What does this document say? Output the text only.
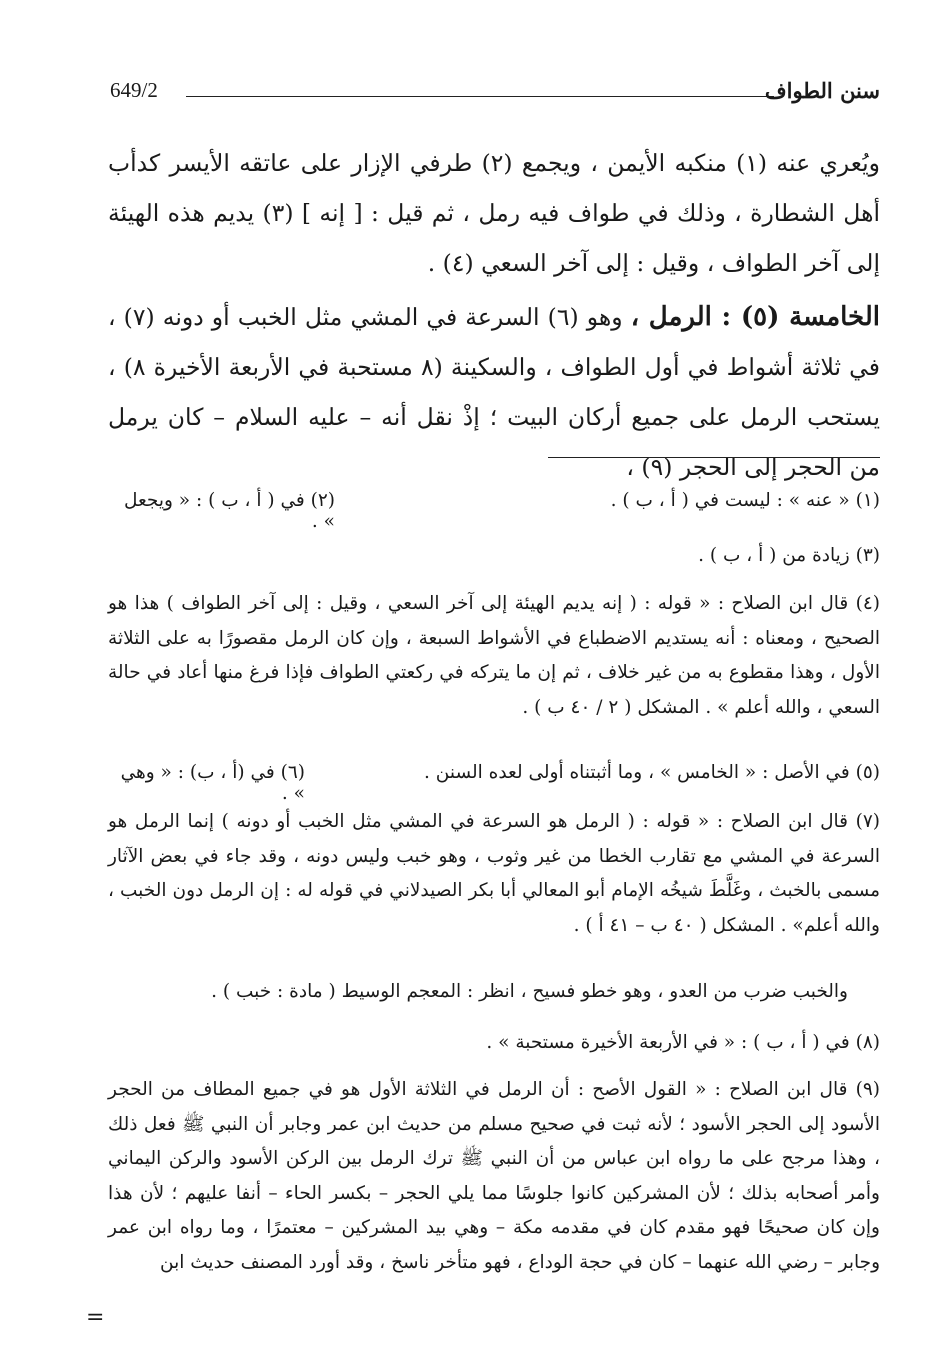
649/2	سنن الطواف

ويُعري عنه (١) منكبه الأيمن ، ويجمع (٢) طرفي الإزار على عاتقه الأيسر كدأب أهل الشطارة ، وذلك في طواف فيه رمل ، ثم قيل : [ إنه ] (٣) يديم هذه الهيئة إلى آخر الطواف ، وقيل : إلى آخر السعي (٤) .

الخامسة (٥) : الرمل ، وهو (٦) السرعة في المشي مثل الخبب أو دونه (٧) ، في ثلاثة أشواط في أول الطواف ، والسكينة (٨ مستحبة في الأربعة الأخيرة ٨) ، يستحب الرمل على جميع أركان البيت ؛ إذْ نقل أنه – عليه السلام – كان يرمل من الحجر إلى الحجر (٩) ،

(١) « عنه » : ليست في ( أ ، ب ) .
(٢) في ( أ ، ب ) : « ويجعل » .

(٣) زيادة من ( أ ، ب ) .

(٤) قال ابن الصلاح : « قوله : ( إنه يديم الهيئة إلى آخر السعي ، وقيل : إلى آخر الطواف ) هذا هو الصحيح ، ومعناه : أنه يستديم الاضطباع في الأشواط السبعة ، وإن كان الرمل مقصورًا به على الثلاثة الأول ، وهذا مقطوع به من غير خلاف ، ثم إن ما يتركه في ركعتي الطواف فإذا فرغ منها أعاد في حالة السعي ، والله أعلم » . المشكل ( ٢ / ٤٠ ب ) .

(٥) في الأصل : « الخامس » ، وما أثبتناه أولى لعده السنن .
(٦) في (أ ، ب) : « وهي » .

(٧) قال ابن الصلاح : « قوله : ( الرمل هو السرعة في المشي مثل الخبب أو دونه ) إنما الرمل هو السرعة في المشي مع تقارب الخطا من غير وثوب ، وهو خبب وليس دونه ، وقد جاء في بعض الآثار مسمى بالخبث ، وغَلَّطَ شيخُه الإمام أبو المعالي أبا بكر الصيدلاني في قوله له : إن الرمل دون الخبب ، والله أعلم» . المشكل ( ٤٠ ب – ٤١ أ ) .

والخبب ضرب من العدو ، وهو خطو فسيح ، انظر : المعجم الوسيط ( مادة : خبب ) .

(٨) في ( أ ، ب ) : « في الأربعة الأخيرة مستحبة » .

(٩) قال ابن الصلاح : « القول الأصح : أن الرمل في الثلاثة الأول هو في جميع المطاف من الحجر الأسود إلى الحجر الأسود ؛ لأنه ثبت في صحيح مسلم من حديث ابن عمر وجابر أن النبي ﷺ فعل ذلك ، وهذا مرجح على ما رواه ابن عباس من أن النبي ﷺ ترك الرمل بين الركن الأسود والركن اليماني وأمر أصحابه بذلك ؛ لأن المشركين كانوا جلوسًا مما يلي الحجر – بكسر الحاء – أنفا عليهم ؛ لأن هذا وإن كان صحيحًا فهو مقدم كان في مقدمه مكة – وهي بيد المشركين – معتمرًا ، وما رواه ابن عمر وجابر – رضي الله عنهما – كان في حجة الوداع ، فهو متأخر ناسخ ، وقد أورد المصنف حديث ابن

=
